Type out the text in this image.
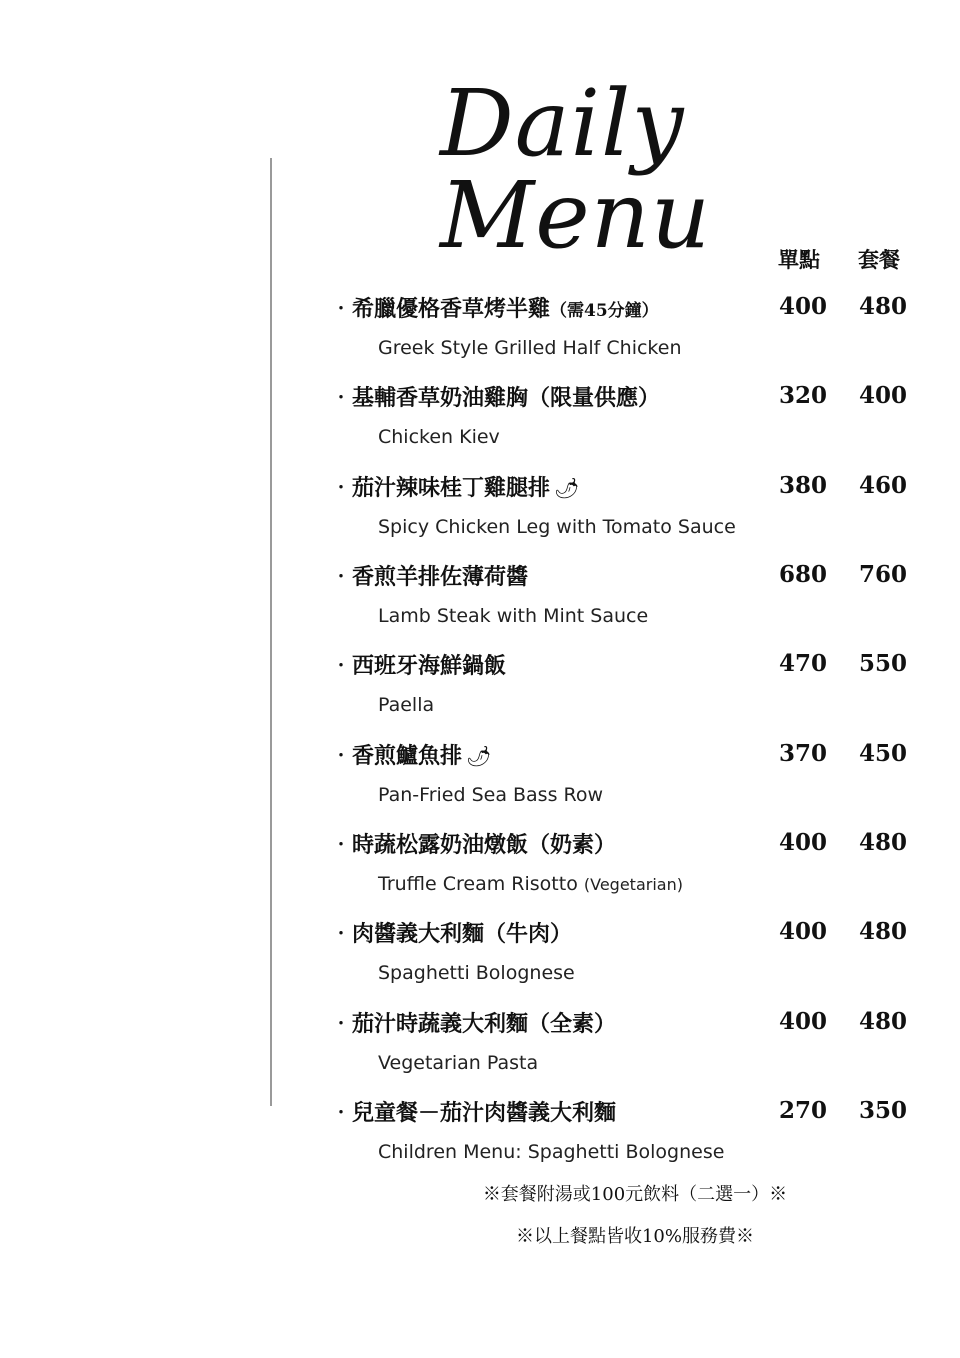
Daily Menu	單點 套餐
‧希臘優格香草烤半雞（需45分鐘）
Greek Style Grilled Half Chicken
400 480
‧基輔香草奶油雞胸（限量供應）
Chicken Kiev
320 400
‧茄汁辣味桂丁雞腿排 🌶
Spicy Chicken Leg with Tomato Sauce
380 460
‧香煎羊排佐薄荷醬
Lamb Steak with Mint Sauce
680 760
‧西班牙海鮮鍋飯
Paella
470 550
‧香煎鱸魚排 🌶
Pan-Fried Sea Bass Row
370 450
‧時蔬松露奶油燉飯（奶素）
Truffle Cream Risotto (Vegetarian)
400 480
‧肉醬義大利麵（牛肉）
Spaghetti Bolognese
400 480
‧茄汁時蔬義大利麵（全素）
Vegetarian Pasta
400 480
‧兒童餐－茄汁肉醬義大利麵
Children Menu: Spaghetti Bolognese
270 350
※套餐附湯或100元飲料（二選一）※
※以上餐點皆收10%服務費※
